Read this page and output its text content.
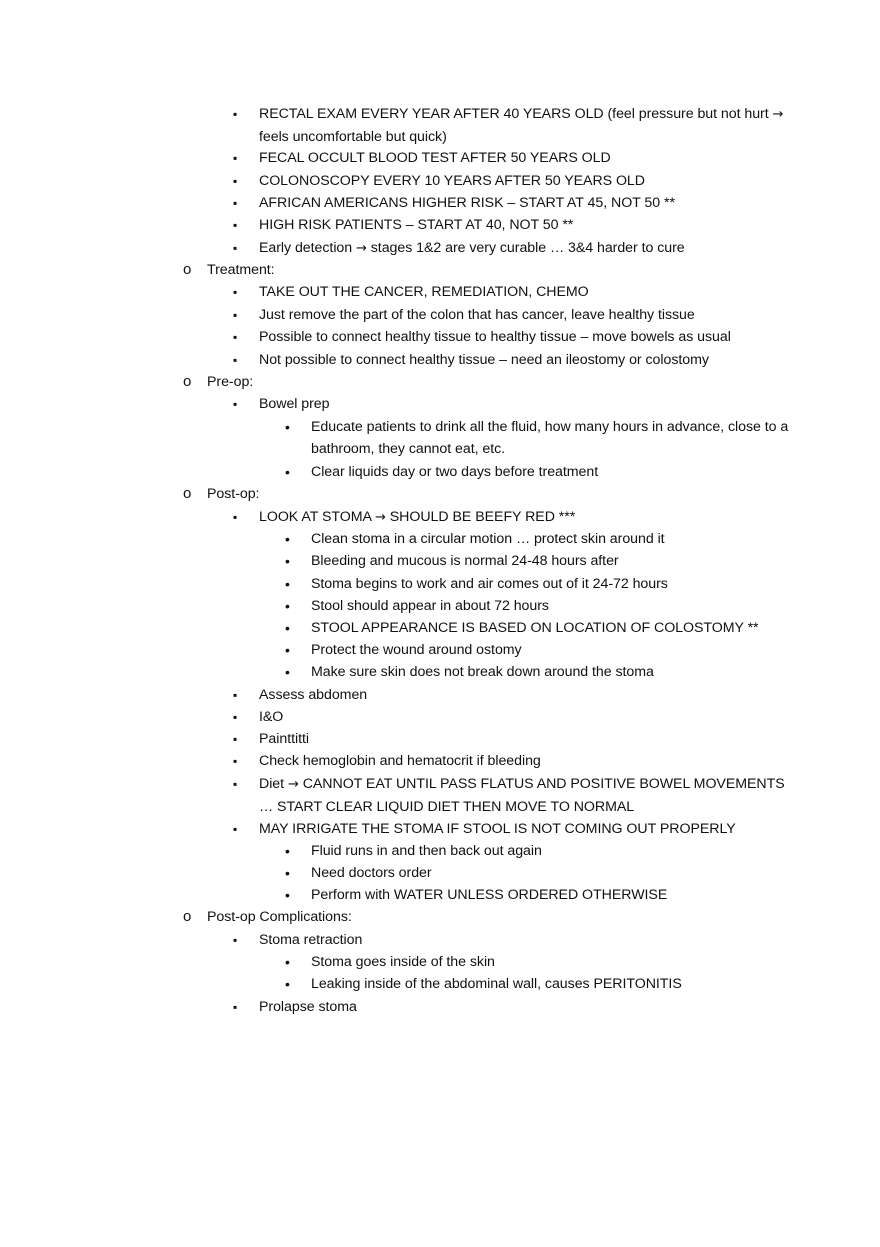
▪ RECTAL EXAM EVERY YEAR AFTER 40 YEARS OLD (feel pressure but not hurt →
feels uncomfortable but quick)
▪ FECAL OCCULT BLOOD TEST AFTER 50 YEARS OLD
▪ COLONOSCOPY EVERY 10 YEARS AFTER 50 YEARS OLD
▪ AFRICAN AMERICANS HIGHER RISK – START AT 45, NOT 50 **
▪ HIGH RISK PATIENTS – START AT 40, NOT 50 **
▪ Early detection → stages 1&2 are very curable … 3&4 harder to cure
o Treatment:
▪ TAKE OUT THE CANCER, REMEDIATION, CHEMO
▪ Just remove the part of the colon that has cancer, leave healthy tissue
▪ Possible to connect healthy tissue to healthy tissue – move bowels as usual
▪ Not possible to connect healthy tissue – need an ileostomy or colostomy
o Pre-op:
▪ Bowel prep
• Educate patients to drink all the fluid, how many hours in advance, close to a bathroom, they cannot eat, etc.
• Clear liquids day or two days before treatment
o Post-op:
▪ LOOK AT STOMA → SHOULD BE BEEFY RED ***
• Clean stoma in a circular motion … protect skin around it
• Bleeding and mucous is normal 24-48 hours after
• Stoma begins to work and air comes out of it 24-72 hours
• Stool should appear in about 72 hours
• STOOL APPEARANCE IS BASED ON LOCATION OF COLOSTOMY **
• Protect the wound around ostomy
• Make sure skin does not break down around the stoma
▪ Assess abdomen
▪ I&O
▪ Painttitti
▪ Check hemoglobin and hematocrit if bleeding
▪ Diet → CANNOT EAT UNTIL PASS FLATUS AND POSITIVE BOWEL MOVEMENTS … START CLEAR LIQUID DIET THEN MOVE TO NORMAL
▪ MAY IRRIGATE THE STOMA IF STOOL IS NOT COMING OUT PROPERLY
• Fluid runs in and then back out again
• Need doctors order
• Perform with WATER UNLESS ORDERED OTHERWISE
o Post-op Complications:
▪ Stoma retraction
• Stoma goes inside of the skin
• Leaking inside of the abdominal wall, causes PERITONITIS
▪ Prolapse stoma
